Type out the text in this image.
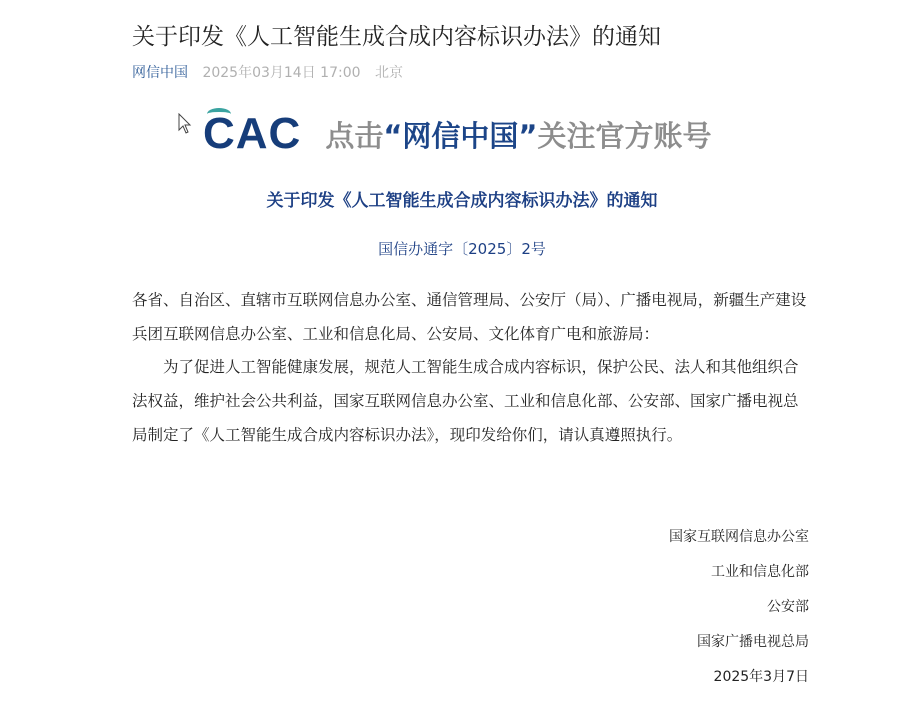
关于印发《人工智能生成合成内容标识办法》的通知
网信中国 2025年03月14日 17:00 北京
CAC 点击“网信中国”关注官方账号
关于印发《人工智能生成合成内容标识办法》的通知
国信办通字〔2025〕2号
各省、自治区、直辖市互联网信息办公室、通信管理局、公安厅（局）、广播电视局，新疆生产建设兵团互联网信息办公室、工业和信息化局、公安局、文化体育广电和旅游局：
为了促进人工智能健康发展，规范人工智能生成合成内容标识，保护公民、法人和其他组织合法权益，维护社会公共利益，国家互联网信息办公室、工业和信息化部、公安部、国家广播电视总局制定了《人工智能生成合成内容标识办法》，现印发给你们，请认真遵照执行。
国家互联网信息办公室
工业和信息化部
公安部
国家广播电视总局
2025年3月7日
